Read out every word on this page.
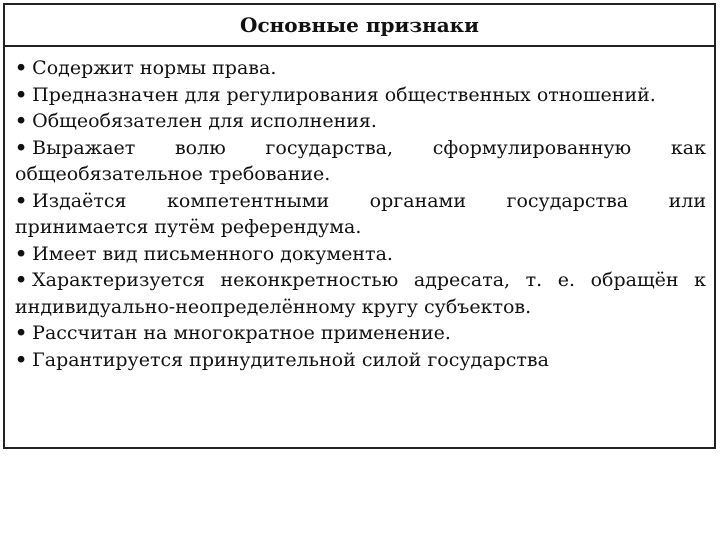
Основные признаки

• Содержит нормы права.

• Предназначен для регулирования общественных отношений.

• Общеобязателен для исполнения.

• Выражает волю государства, сформулированную как общеобязательное требование.

• Издаётся компетентными органами государства или принимается путём референдума.

• Имеет вид письменного документа.

• Характеризуется неконкретностью адресата, т. е. обращён к индивидуально-неопределённому кругу субъектов.

• Рассчитан на многократное применение.

• Гарантируется принудительной силой государства
